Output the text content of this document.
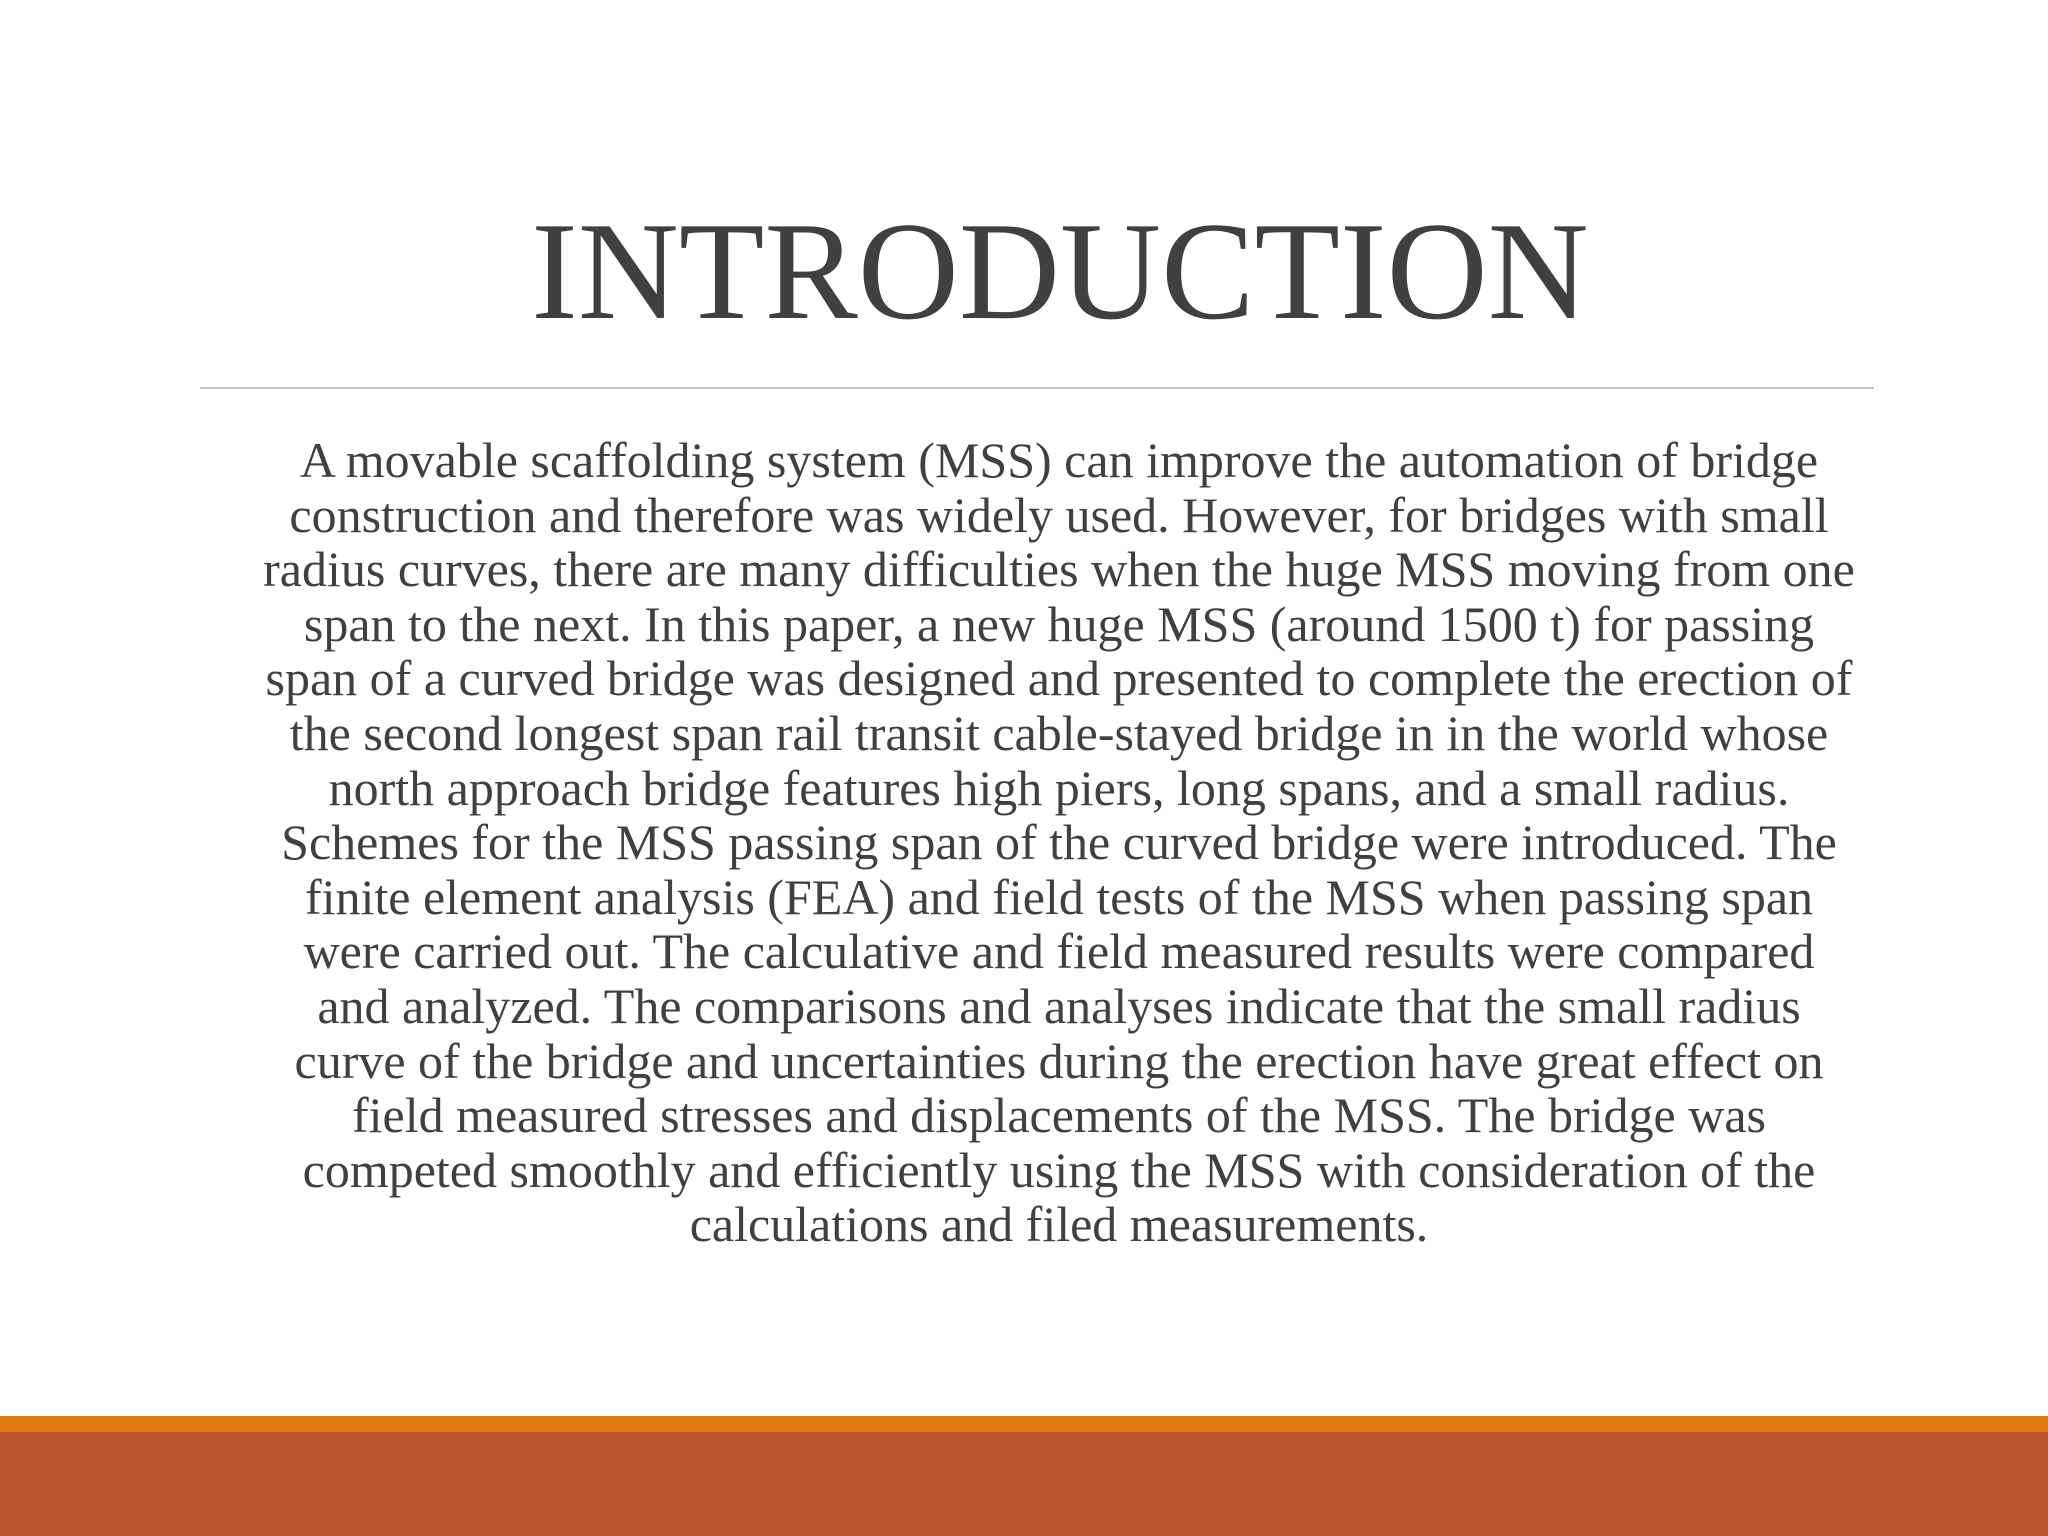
INTRODUCTION

A movable scaffolding system (MSS) can improve the automation of bridge construction and therefore was widely used. However, for bridges with small radius curves, there are many difficulties when the huge MSS moving from one span to the next. In this paper, a new huge MSS (around 1500 t) for passing span of a curved bridge was designed and presented to complete the erection of the second longest span rail transit cable-stayed bridge in in the world whose north approach bridge features high piers, long spans, and a small radius. Schemes for the MSS passing span of the curved bridge were introduced. The finite element analysis (FEA) and field tests of the MSS when passing span were carried out. The calculative and field measured results were compared and analyzed. The comparisons and analyses indicate that the small radius curve of the bridge and uncertainties during the erection have great effect on field measured stresses and displacements of the MSS. The bridge was competed smoothly and efficiently using the MSS with consideration of the calculations and filed measurements.
